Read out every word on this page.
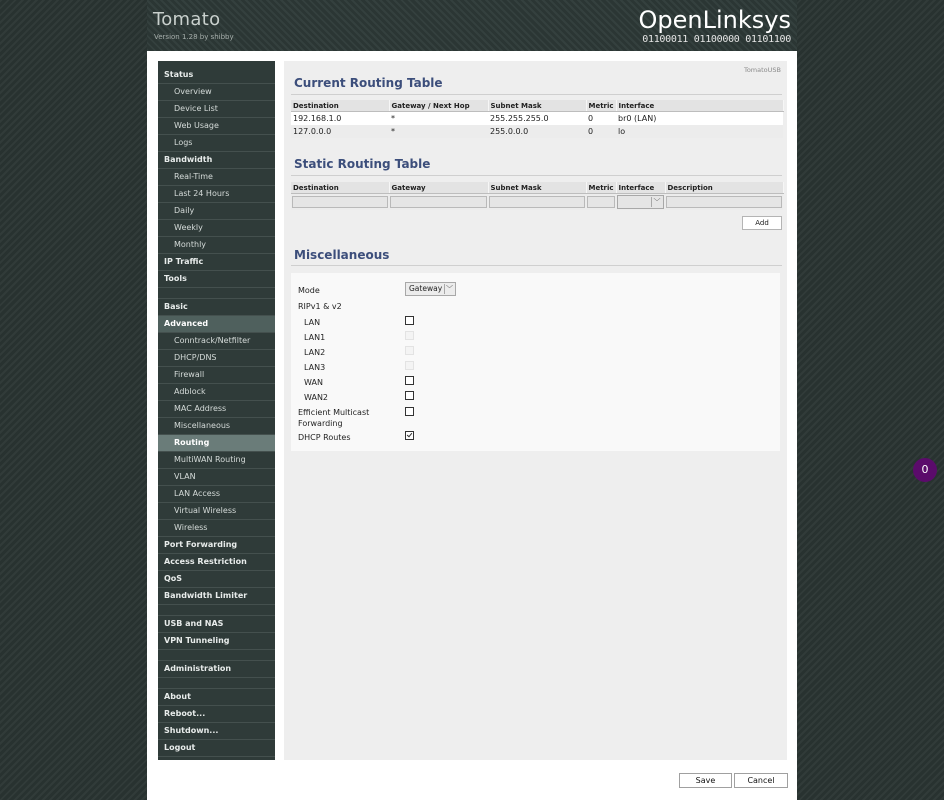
Tomato
Version 1.28 by shibby
OpenLinksys
01100011 01100000 01101100
Status
Overview
Device List
Web Usage
Logs
Bandwidth
Real-Time
Last 24 Hours
Daily
Weekly
Monthly
IP Traffic
Tools
Basic
Advanced
Conntrack/Netfilter
DHCP/DNS
Firewall
Adblock
MAC Address
Miscellaneous
Routing
MultiWAN Routing
VLAN
LAN Access
Virtual Wireless
Wireless
Port Forwarding
Access Restriction
QoS
Bandwidth Limiter
USB and NAS
VPN Tunneling
Administration
About
Reboot...
Shutdown...
Logout
TomatoUSB
Current Routing Table
Destination	Gateway / Next Hop	Subnet Mask	Metric	Interface
192.168.1.0	*	255.255.255.0	0	br0 (LAN)
127.0.0.0	*	255.0.0.0	0	lo
Static Routing Table
Destination	Gateway	Subnet Mask	Metric	Interface	Description

				﹀	

Add
Miscellaneous
Mode	Gateway ﹀
RIPv1 & v2
LAN
LAN1
LAN2
LAN3
WAN
WAN2
Efficient Multicast
Forwarding
DHCP Routes
Save	Cancel
0
